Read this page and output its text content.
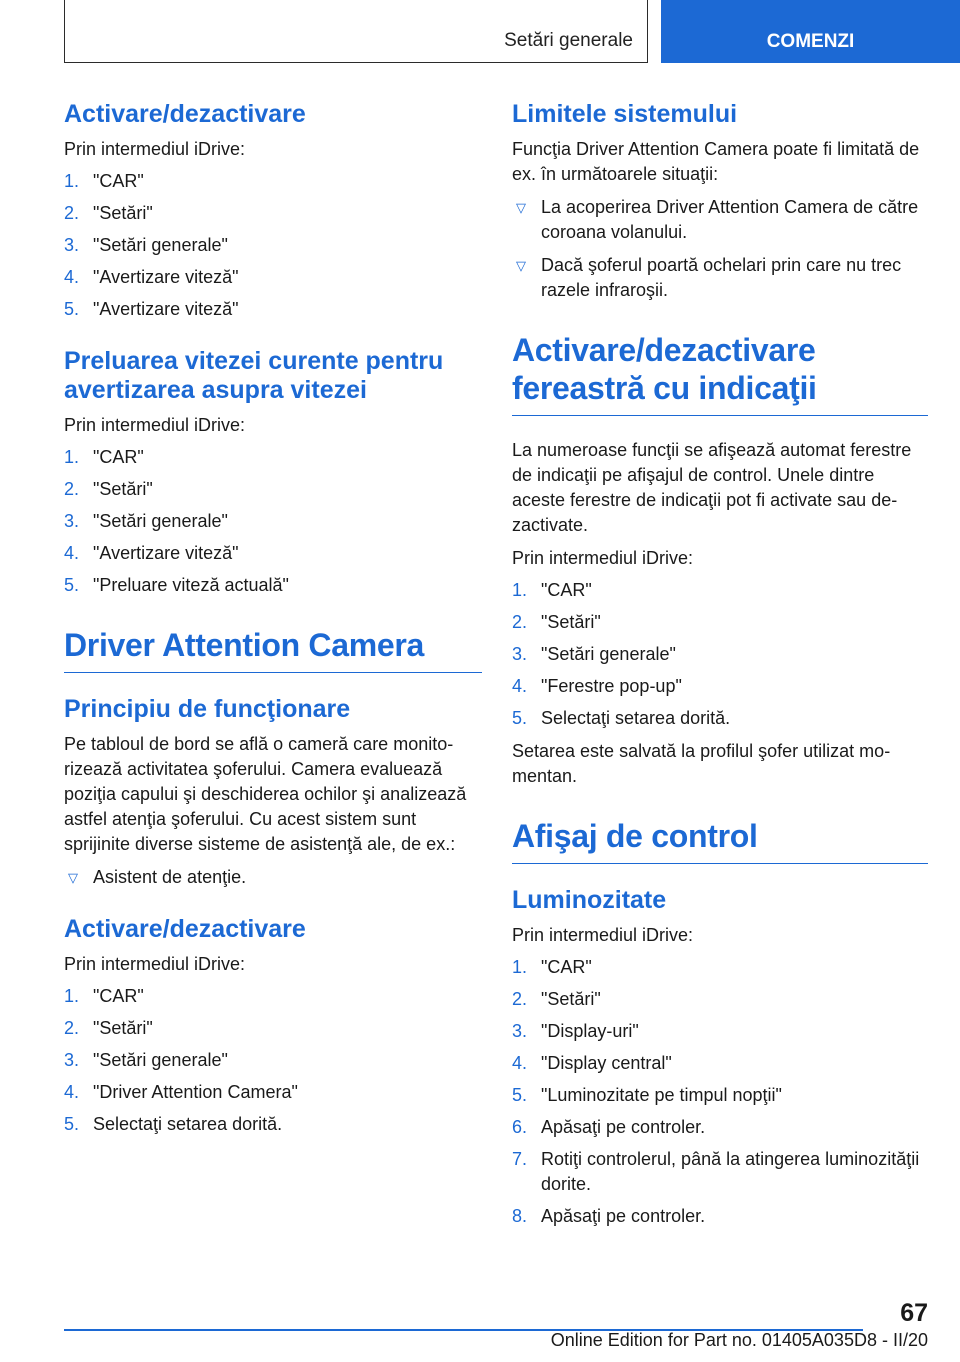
Setări generale	COMENZI
Activare/dezactivare

Prin intermediul iDrive:

1. "CAR"
2. "Setări"
3. "Setări generale"
4. "Avertizare viteză"
5. "Avertizare viteză"
Preluarea vitezei curente pentru avertizarea asupra vitezei

Prin intermediul iDrive:

1. "CAR"
2. "Setări"
3. "Setări generale"
4. "Avertizare viteză"
5. "Preluare viteză actuală"
Driver Attention Camera
Principiu de funcţionare

Pe tabloul de bord se află o cameră care monitorizează activitatea şoferului. Camera evaluează poziţia capului şi deschiderea ochilor şi analizează astfel atenţia şoferului. Cu acest sistem sunt sprijinite diverse sisteme de asistenţă ale, de ex.:

▽ Asistent de atenţie.
Activare/dezactivare

Prin intermediul iDrive:

1. "CAR"
2. "Setări"
3. "Setări generale"
4. "Driver Attention Camera"
5. Selectaţi setarea dorită.
Limitele sistemului

Funcţia Driver Attention Camera poate fi limitată de ex. în următoarele situaţii:

▽ La acoperirea Driver Attention Camera de către coroana volanului.
▽ Dacă şoferul poartă ochelari prin care nu trec razele infraroşii.
Activare/dezactivare fereastră cu indicaţii

La numeroase funcţii se afişează automat ferestre de indicaţii pe afişajul de control. Unele dintre aceste ferestre de indicaţii pot fi activate sau dezactivate.

Prin intermediul iDrive:

1. "CAR"
2. "Setări"
3. "Setări generale"
4. "Ferestre pop-up"
5. Selectaţi setarea dorită.

Setarea este salvată la profilul şofer utilizat momentan.

Afişaj de control
Luminozitate

Prin intermediul iDrive:

1. "CAR"
2. "Setări"
3. "Display-uri"
4. "Display central"
5. "Luminozitate pe timpul nopţii"
6. Apăsaţi pe controler.
7. Rotiţi controlerul, până la atingerea luminozităţii dorite.
8. Apăsaţi pe controler.
67
Online Edition for Part no. 01405A035D8 - II/20
